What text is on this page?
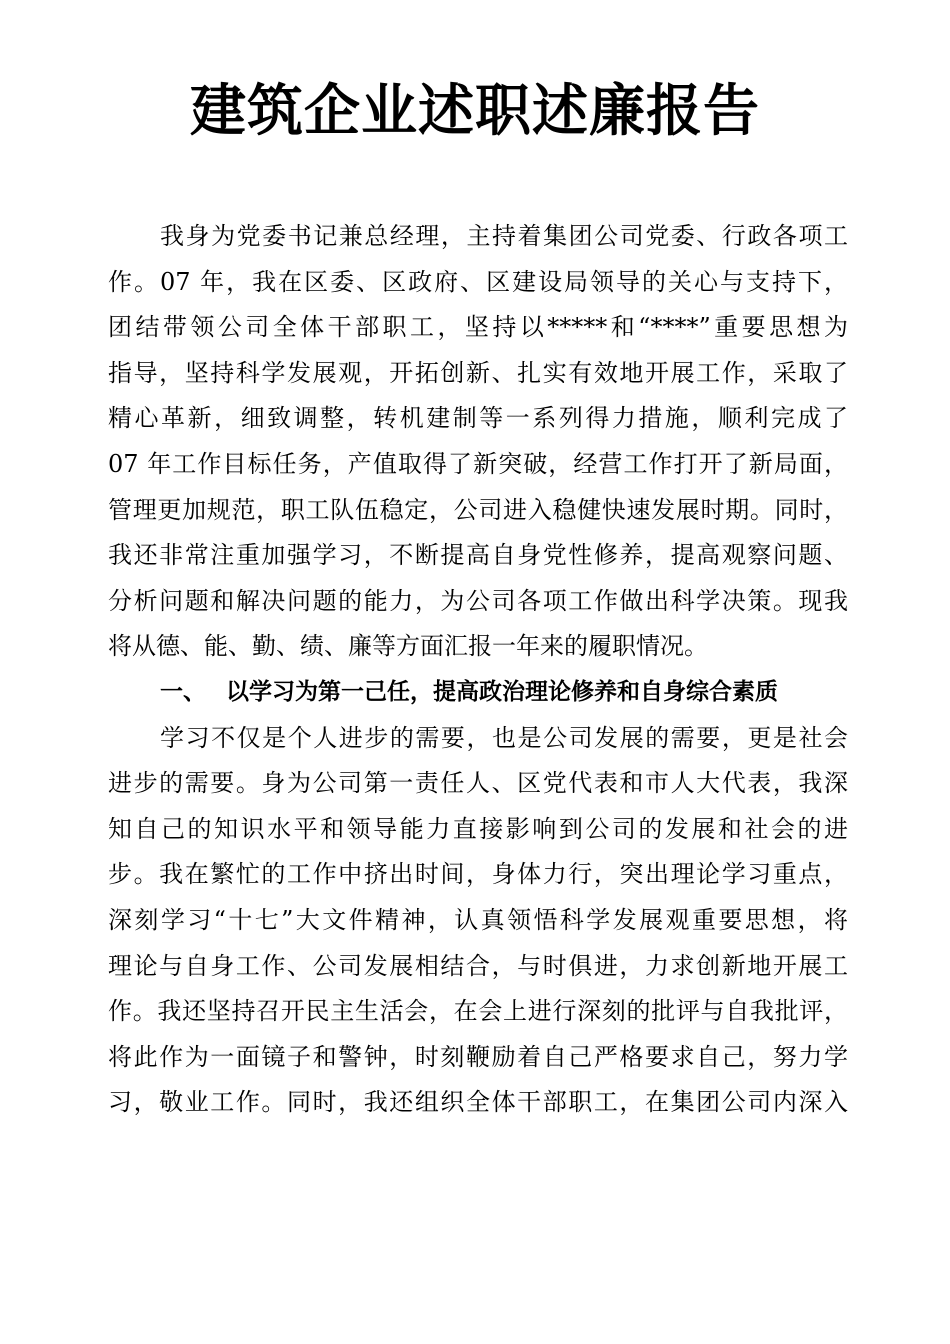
建筑企业述职述廉报告

我身为党委书记兼总经理，主持着集团公司党委、行政各项工

作。07 年，我在区委、区政府、区建设局领导的关心与支持下，

团结带领公司全体干部职工，坚持以*****和“****”重要思想为

指导，坚持科学发展观，开拓创新、扎实有效地开展工作，采取了

精心革新，细致调整，转机建制等一系列得力措施，顺利完成了

07 年工作目标任务，产值取得了新突破，经营工作打开了新局面，

管理更加规范，职工队伍稳定，公司进入稳健快速发展时期。同时，

我还非常注重加强学习，不断提高自身党性修养，提高观察问题、

分析问题和解决问题的能力，为公司各项工作做出科学决策。现我

将从德、能、勤、绩、廉等方面汇报一年来的履职情况。

一、 以学习为第一己任，提高政治理论修养和自身综合素质

学习不仅是个人进步的需要，也是公司发展的需要，更是社会

进步的需要。身为公司第一责任人、区党代表和市人大代表，我深

知自己的知识水平和领导能力直接影响到公司的发展和社会的进

步。我在繁忙的工作中挤出时间，身体力行，突出理论学习重点，

深刻学习“十七”大文件精神，认真领悟科学发展观重要思想，将

理论与自身工作、公司发展相结合，与时俱进，力求创新地开展工

作。我还坚持召开民主生活会，在会上进行深刻的批评与自我批评，

将此作为一面镜子和警钟，时刻鞭励着自己严格要求自己，努力学

习，敬业工作。同时，我还组织全体干部职工，在集团公司内深入
